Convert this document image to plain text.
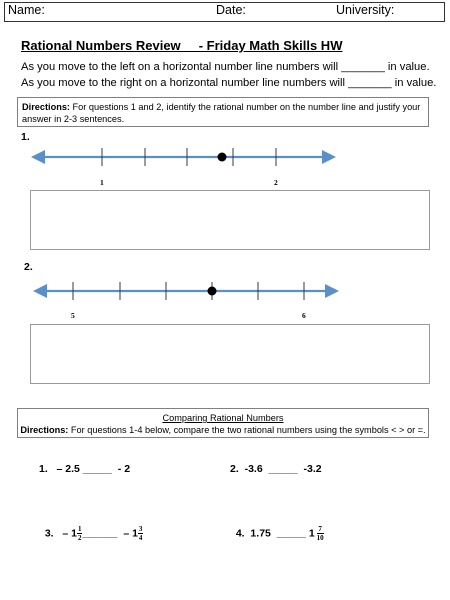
Name:	Date:	University:
Rational Numbers Review     - Friday Math Skills HW
As you move to the left on a horizontal number line numbers will _______ in value.
As you move to the right on a horizontal number line numbers will _______ in value.
Directions: For questions 1 and 2, identify the rational number on the number line and justify your answer in 2-3 sentences.
1.
1	2
2.
5	6
Comparing Rational Numbers
Directions: For questions 1-4 below, compare the two rational numbers using the symbols < > or =.
1.   – 2.5 _____  - 2	2.  -3.6  _____  -3.2

3.   – $1 \frac{1}{2}$ ______  – $1 \frac{3}{4}$	4.  1.75  _____ $1 \frac{7}{10}$
